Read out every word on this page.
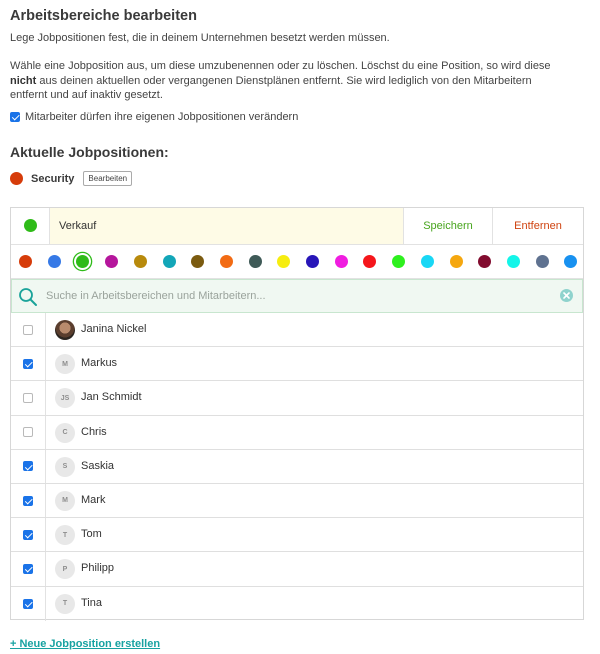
Arbeitsbereiche bearbeiten

Lege Jobpositionen fest, die in deinem Unternehmen besetzt werden müssen.

Wähle eine Jobposition aus, um diese umzubenennen oder zu löschen. Löschst du eine Position, so wird diese nicht aus deinen aktuellen oder vergangenen Dienstplänen entfernt. Sie wird lediglich von den Mitarbeitern entfernt und auf inaktiv gesetzt.

Mitarbeiter dürfen ihre eigenen Jobpositionen verändern
Aktuelle Jobpositionen:
Security	Bearbeiten
Verkauf
Speichern	Entfernen
Suche in Arbeitsbereichen und Mitarbeitern...
Janina Nickel
M	Markus
JS	Jan Schmidt
C	Chris
S	Saskia
M	Mark
T	Tom
P	Philipp
T	Tina
+ Neue Jobposition erstellen
